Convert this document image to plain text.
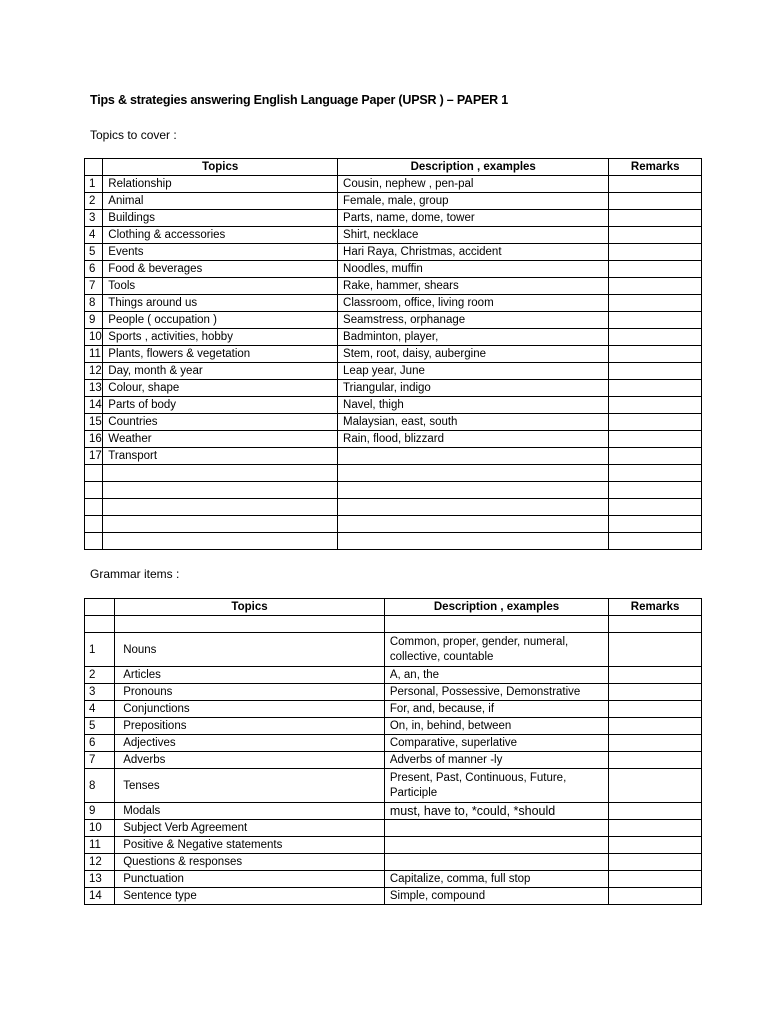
Tips & strategies answering English Language Paper (UPSR ) – PAPER 1
Topics to cover :
	Topics	Description , examples	Remarks
1	Relationship	Cousin, nephew , pen-pal	
2	Animal	Female, male, group	
3	Buildings	Parts, name, dome, tower	
4	Clothing & accessories	Shirt, necklace	
5	Events	Hari Raya, Christmas, accident	
6	Food & beverages	Noodles, muffin	
7	Tools	Rake, hammer, shears	
8	Things around us	Classroom, office, living room	
9	People ( occupation )	Seamstress, orphanage	
10	Sports , activities, hobby	Badminton, player,	
11	Plants, flowers & vegetation	Stem, root, daisy, aubergine	
12	Day, month & year	Leap year, June	
13	Colour, shape	Triangular, indigo	
14	Parts of body	Navel, thigh	
15	Countries	Malaysian, east, south	
16	Weather	Rain, flood, blizzard	
17	Transport		

Grammar items :
	Topics	Description , examples	Remarks

1	Nouns	Common, proper, gender, numeral, collective, countable	
2	Articles	A, an, the	
3	Pronouns	Personal, Possessive, Demonstrative	
4	Conjunctions	For, and, because, if	
5	Prepositions	On, in, behind, between	
6	Adjectives	Comparative, superlative	
7	Adverbs	Adverbs of manner -ly	
8	Tenses	Present, Past, Continuous, Future, Participle	
9	Modals	must, have to, *could, *should	
10	Subject Verb Agreement		
11	Positive & Negative statements		
12	Questions & responses		
13	Punctuation	Capitalize, comma, full stop	
14	Sentence type	Simple, compound	
